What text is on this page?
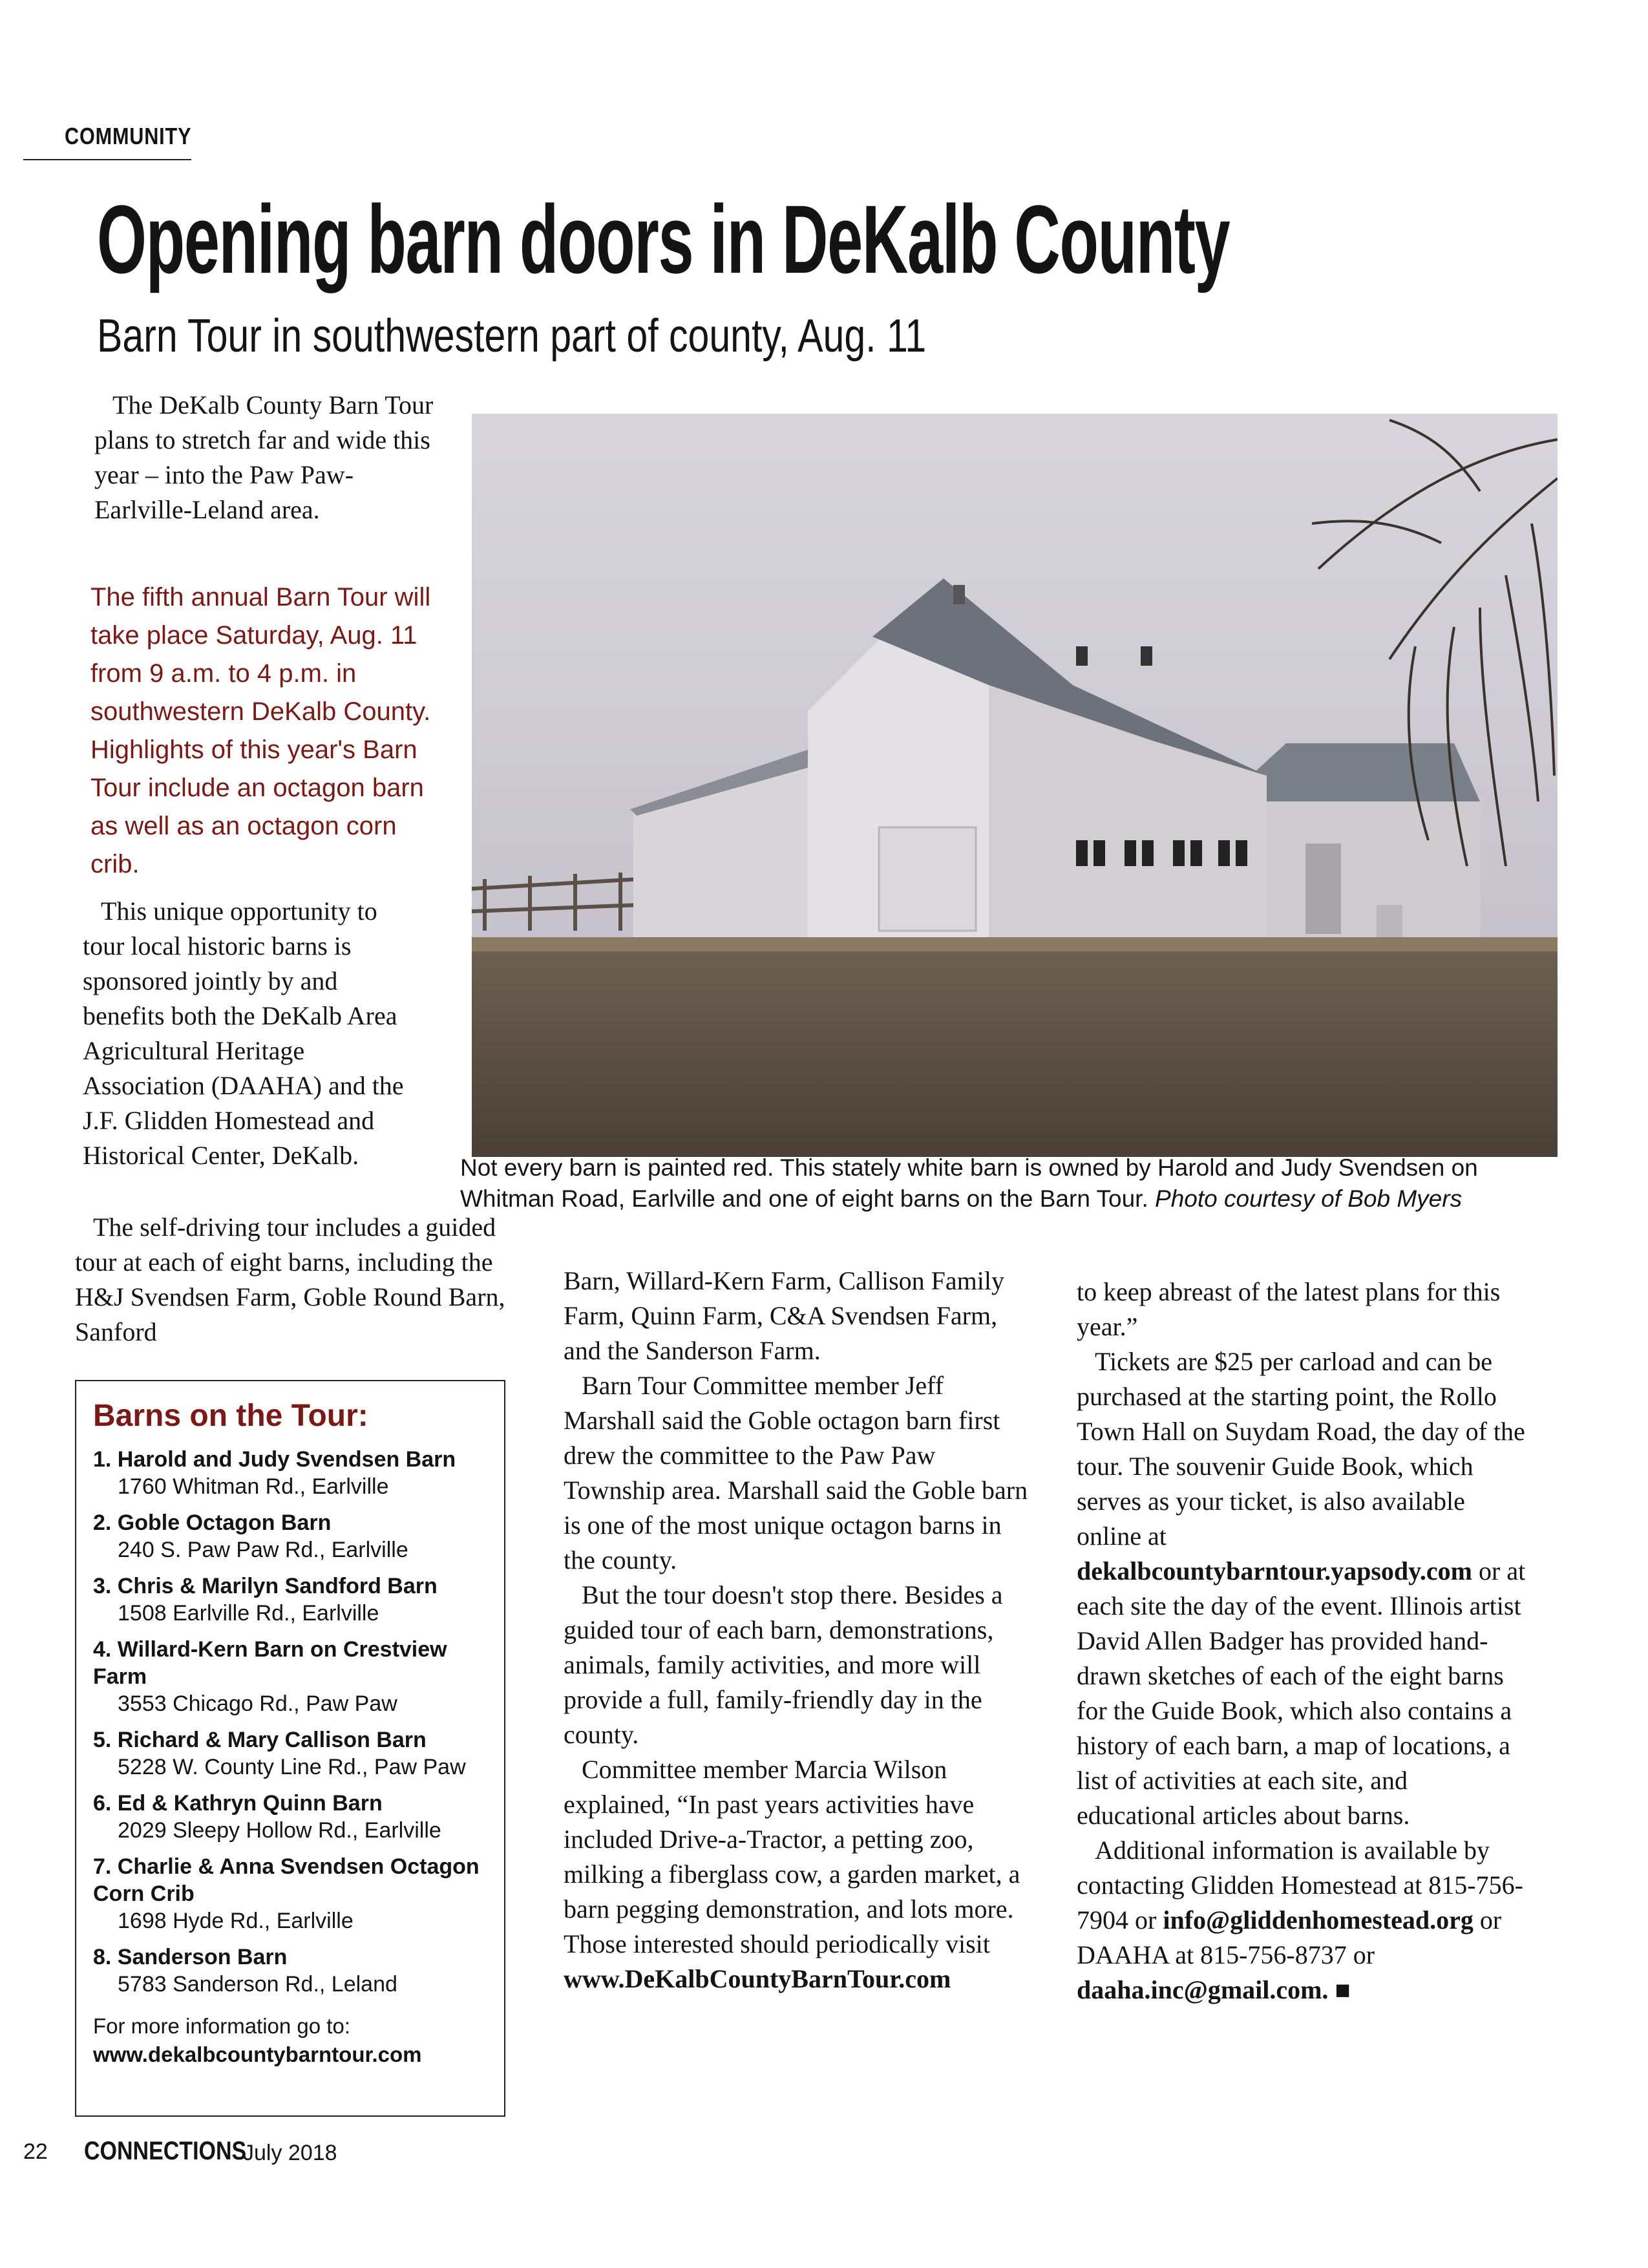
COMMUNITY
Opening barn doors in DeKalb County
Barn Tour in southwestern part of county, Aug. 11

The DeKalb County Barn Tour plans to stretch far and wide this year – into the Paw Paw-Earlville-Leland area.

The fifth annual Barn Tour will take place Saturday, Aug. 11 from 9 a.m. to 4 p.m. in southwestern DeKalb County. Highlights of this year's Barn Tour include an octagon barn as well as an octagon corn crib.

This unique opportunity to tour local historic barns is sponsored jointly by and benefits both the DeKalb Area Agricultural Heritage Association (DAAHA) and the J.F. Glidden Homestead and Historical Center, DeKalb.

The self-driving tour includes a guided tour at each of eight barns, including the H&J Svendsen Farm, Goble Round Barn, Sanford

Not every barn is painted red. This stately white barn is owned by Harold and Judy Svendsen on Whitman Road, Earlville and one of eight barns on the Barn Tour. Photo courtesy of Bob Myers
Barns on the Tour:
1. Harold and Judy Svendsen Barn
1760 Whitman Rd., Earlville
2. Goble Octagon Barn
240 S. Paw Paw Rd., Earlville
3. Chris & Marilyn Sandford Barn
1508 Earlville Rd., Earlville
4. Willard-Kern Barn on Crestview Farm
3553 Chicago Rd., Paw Paw
5. Richard & Mary Callison Barn
5228 W. County Line Rd., Paw Paw
6. Ed & Kathryn Quinn Barn
2029 Sleepy Hollow Rd., Earlville
7. Charlie & Anna Svendsen Octagon Corn Crib
1698 Hyde Rd., Earlville
8. Sanderson Barn
5783 Sanderson Rd., Leland
For more information go to:
www.dekalbcountybarntour.com

Barn, Willard-Kern Farm, Callison Family Farm, Quinn Farm, C&A Svendsen Farm, and the Sanderson Farm.

Barn Tour Committee member Jeff Marshall said the Goble octagon barn first drew the committee to the Paw Paw Township area. Marshall said the Goble barn is one of the most unique octagon barns in the county.

But the tour doesn't stop there. Besides a guided tour of each barn, demonstrations, animals, family activities, and more will provide a full, family-friendly day in the county.

Committee member Marcia Wilson explained, “In past years activities have included Drive-a-Tractor, a petting zoo, milking a fiberglass cow, a garden market, a barn pegging demonstration, and lots more. Those interested should periodically visit

www.DeKalbCountyBarnTour.com

to keep abreast of the latest plans for this year.”

Tickets are $25 per carload and can be purchased at the starting point, the Rollo Town Hall on Suydam Road, the day of the tour. The souvenir Guide Book, which serves as your ticket, is also available online at dekalbcountybarntour.yapsody.com or at each site the day of the event. Illinois artist David Allen Badger has provided hand-drawn sketches of each of the eight barns for the Guide Book, which also contains a history of each barn, a map of locations, a list of activities at each site, and educational articles about barns.

Additional information is available by contacting Glidden Homestead at 815-756-7904 or info@gliddenhomestead.org or DAAHA at 815-756-8737 or daaha.inc@gmail.com. ■

22 CONNECTIONS
July 2018
